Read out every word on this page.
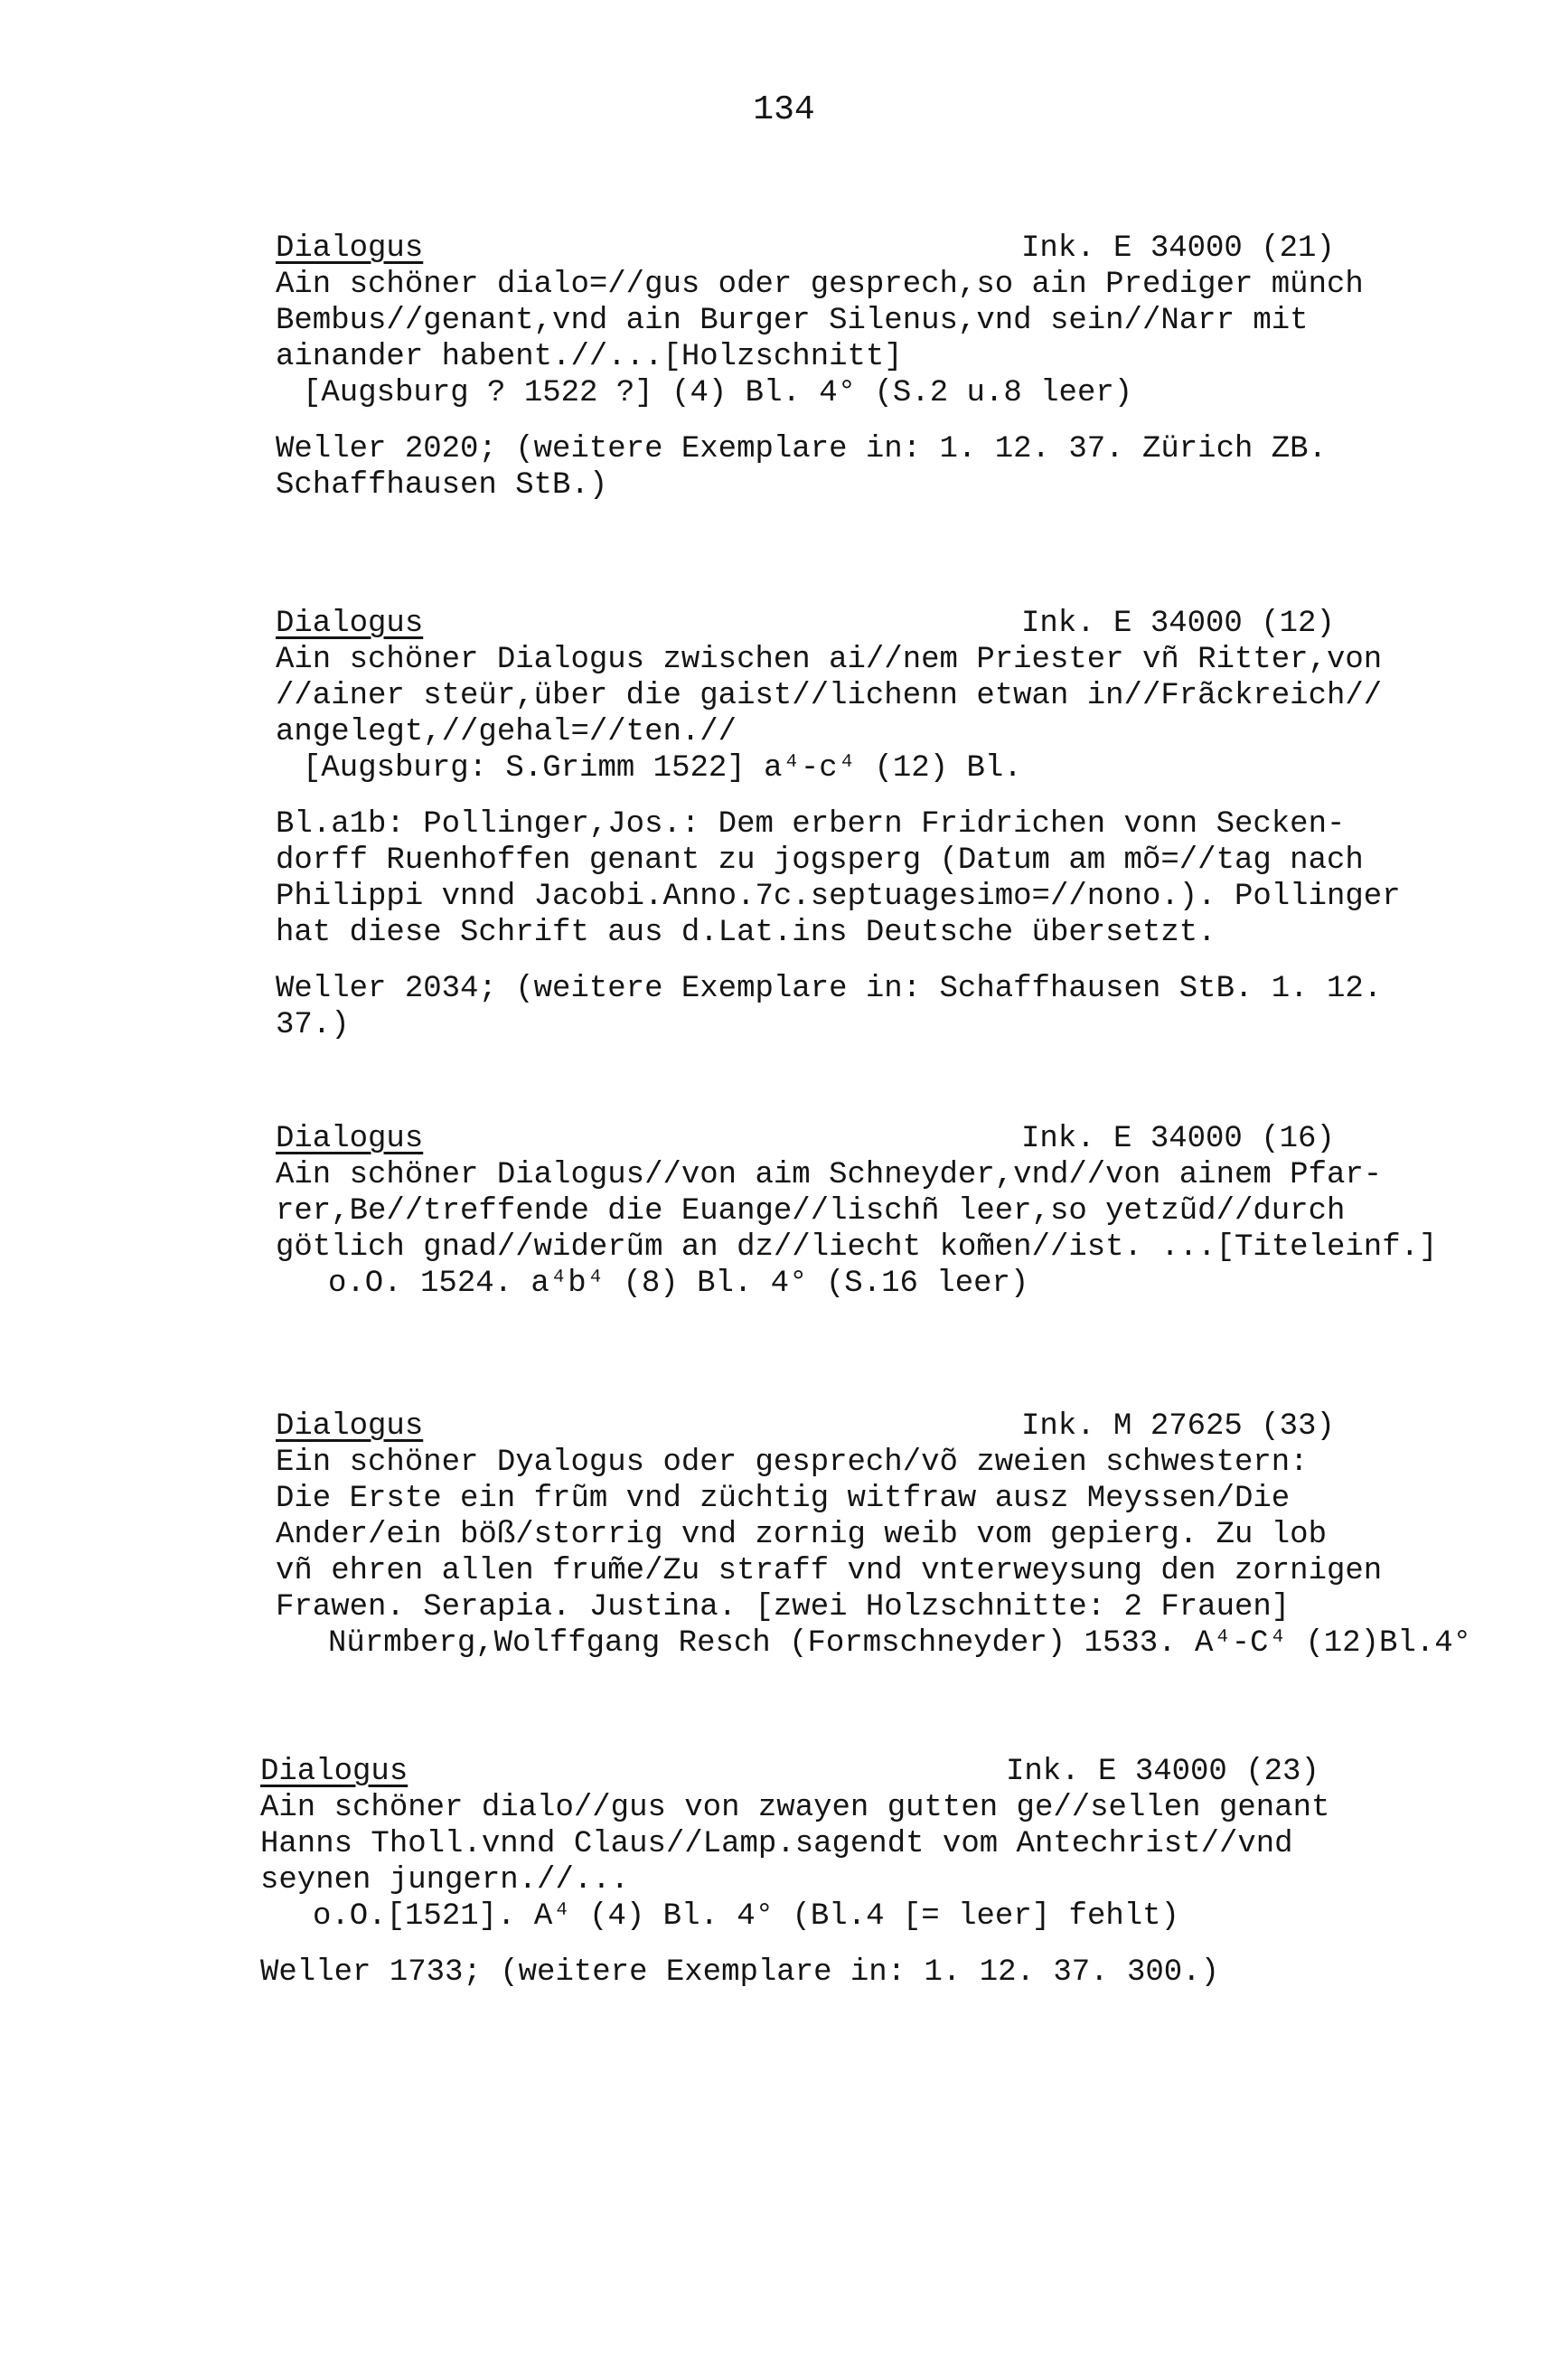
134
Dialogus	Ink. E 34000 (21)
Ain schöner dialo=//gus oder gesprech,so ain Prediger münch
Bembus//genant,vnd ain Burger Silenus,vnd sein//Narr mit
ainander habent.//...[Holzschnitt]
[Augsburg ? 1522 ?] (4) Bl. 4° (S.2 u.8 leer)
Weller 2020; (weitere Exemplare in: 1. 12. 37. Zürich ZB.
Schaffhausen StB.)
Dialogus	Ink. E 34000 (12)
Ain schöner Dialogus zwischen ai//nem Priester vñ Ritter,von
//ainer steür,über die gaist//lichenn etwan in//Frãckreich//
angelegt,//gehal=//ten.//
[Augsburg: S.Grimm 1522] a⁴-c⁴ (12) Bl.
Bl.a1b: Pollinger,Jos.: Dem erbern Fridrichen vonn Secken-
dorff Ruenhoffen genant zu jogsperg (Datum am mõ=//tag nach
Philippi vnnd Jacobi.Anno.7c.septuagesimo=//nono.). Pollinger
hat diese Schrift aus d.Lat.ins Deutsche übersetzt.
Weller 2034; (weitere Exemplare in: Schaffhausen StB. 1. 12.
37.)
Dialogus	Ink. E 34000 (16)
Ain schöner Dialogus//von aim Schneyder,vnd//von ainem Pfar-
rer,Be//treffende die Euange//lischñ leer,so yetzũd//durch
götlich gnad//widerũm an dz//liecht kom̃en//ist. ...[Titeleinf.]
o.O. 1524. a⁴b⁴ (8) Bl. 4° (S.16 leer)
Dialogus	Ink. M 27625 (33)
Ein schöner Dyalogus oder gesprech/võ zweien schwestern:
Die Erste ein frũm vnd züchtig witfraw ausz Meyssen/Die
Ander/ein böß/storrig vnd zornig weib vom gepierg. Zu lob
vñ ehren allen frum̃e/Zu straff vnd vnterweysung den zornigen
Frawen. Serapia. Justina. [zwei Holzschnitte: 2 Frauen]
Nürmberg,Wolffgang Resch (Formschneyder) 1533. A⁴-C⁴ (12)Bl.4°
Dialogus	Ink. E 34000 (23)
Ain schöner dialo//gus von zwayen gutten ge//sellen genant
Hanns Tholl.vnnd Claus//Lamp.sagendt vom Antechrist//vnd
seynen jungern.//...
o.O.[1521]. A⁴ (4) Bl. 4° (Bl.4 [= leer] fehlt)
Weller 1733; (weitere Exemplare in: 1. 12. 37. 300.)
